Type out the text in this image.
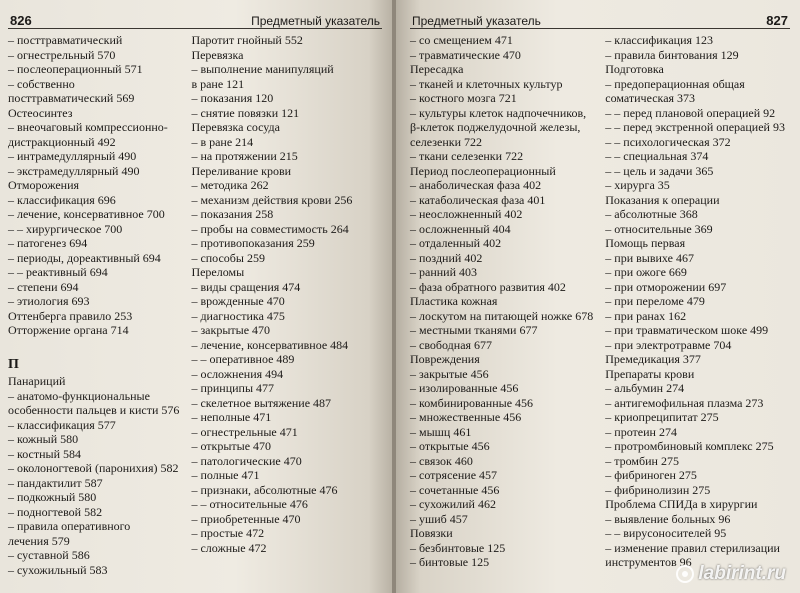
826	Предметный указатель
– посттравматический
– огнестрельный 570
– послеоперационный 571
– собственно
посттравматический 569
Остеосинтез
– внеочаговый компрессионно-
дистракционный 492
– интрамедуллярный 490
– экстрамедуллярный 490
Отморожения
– классификация 696
– лечение, консервативное 700
– – хирургическое 700
– патогенез 694
– периоды, дореактивный 694
– – реактивный 694
– степени 694
– этиология 693
Оттенберга правило 253
Отторжение органа 714

П
Панариций
– анатомо-функциональные
особенности пальцев и кисти 576
– классификация 577
– кожный 580
– костный 584
– околоногтевой (паронихия) 582
– пандактилит 587
– подкожный 580
– подногтевой 582
– правила оперативного
лечения 579
– суставной 586
– сухожильный 583
Паротит гнойный 552
Перевязка
– выполнение манипуляций
в ране 121
– показания 120
– снятие повязки 121
Перевязка сосуда
– в ране 214
– на протяжении 215
Переливание крови
– методика 262
– механизм действия крови 256
– показания 258
– пробы на совместимость 264
– противопоказания 259
– способы 259
Переломы
– виды сращения 474
– врожденные 470
– диагностика 475
– закрытые 470
– лечение, консервативное 484
– – оперативное 489
– осложнения 494
– принципы 477
– скелетное вытяжение 487
– неполные 471
– огнестрельные 471
– открытые 470
– патологические 470
– полные 471
– признаки, абсолютные 476
– – относительные 476
– приобретенные 470
– простые 472
– сложные 472
Предметный указатель	827
– со смещением 471
– травматические 470
Пересадка
– тканей и клеточных культур
– костного мозга 721
– культуры клеток надпочечников,
β-клеток поджелудочной железы,
селезенки 722
– ткани селезенки 722
Период послеоперационный
– анаболическая фаза 402
– катаболическая фаза 401
– неосложненный 402
– осложненный 404
– отдаленный 402
– поздний 402
– ранний 403
– фаза обратного развития 402
Пластика кожная
– лоскутом на питающей ножке 678
– местными тканями 677
– свободная 677
Повреждения
– закрытые 456
– изолированные 456
– комбинированные 456
– множественные 456
– мышц 461
– открытые 456
– связок 460
– сотрясение 457
– сочетанные 456
– сухожилий 462
– ушиб 457
Повязки
– безбинтовые 125
– бинтовые 125
– классификация 123
– правила бинтования 129
Подготовка
– предоперационная общая
соматическая 373
– – перед плановой операцией 92
– – перед экстренной операцией 93
– – психологическая 372
– – специальная 374
– – цель и задачи 365
– хирурга 35
Показания к операции
– абсолютные 368
– относительные 369
Помощь первая
– при вывихе 467
– при ожоге 669
– при отморожении 697
– при переломе 479
– при ранах 162
– при травматическом шоке 499
– при электротравме 704
Премедикация 377
Препараты крови
– альбумин 274
– антигемофильная плазма 273
– криопреципитат 275
– протеин 274
– протромбиновый комплекс 275
– тромбин 275
– фибриноген 275
– фибринолизин 275
Проблема СПИДа в хирургии
– выявление больных 96
– – вирусоносителей 95
– изменение правил стерилизации
инструментов 96
labirint.ru
